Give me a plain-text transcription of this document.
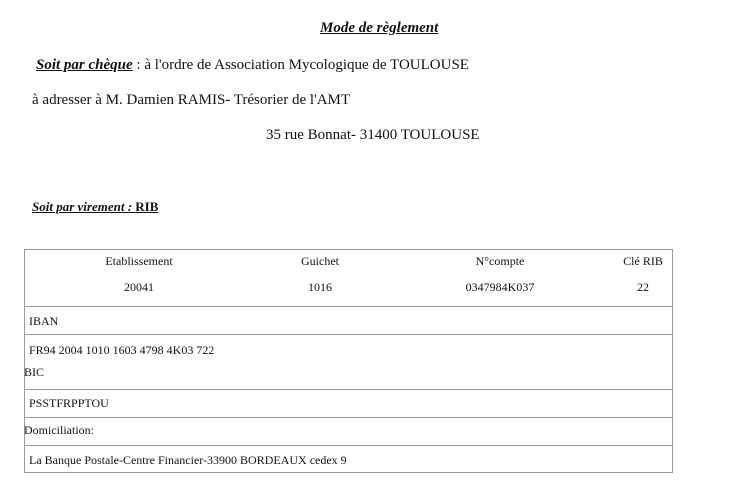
Mode de règlement
Soit par chèque : à l'ordre de Association Mycologique de TOULOUSE
à adresser à M. Damien RAMIS- Trésorier de l'AMT
35 rue Bonnat- 31400 TOULOUSE
Soit par virement : RIB
Etablissement	Guichet	N°compte	Clé RIB
20041	1016	0347984K037	22
IBAN
FR94 2004 1010 1603 4798 4K03 722
BIC
PSSTFRPPTOU
Domiciliation:
La Banque Postale-Centre Financier-33900 BORDEAUX cedex 9
